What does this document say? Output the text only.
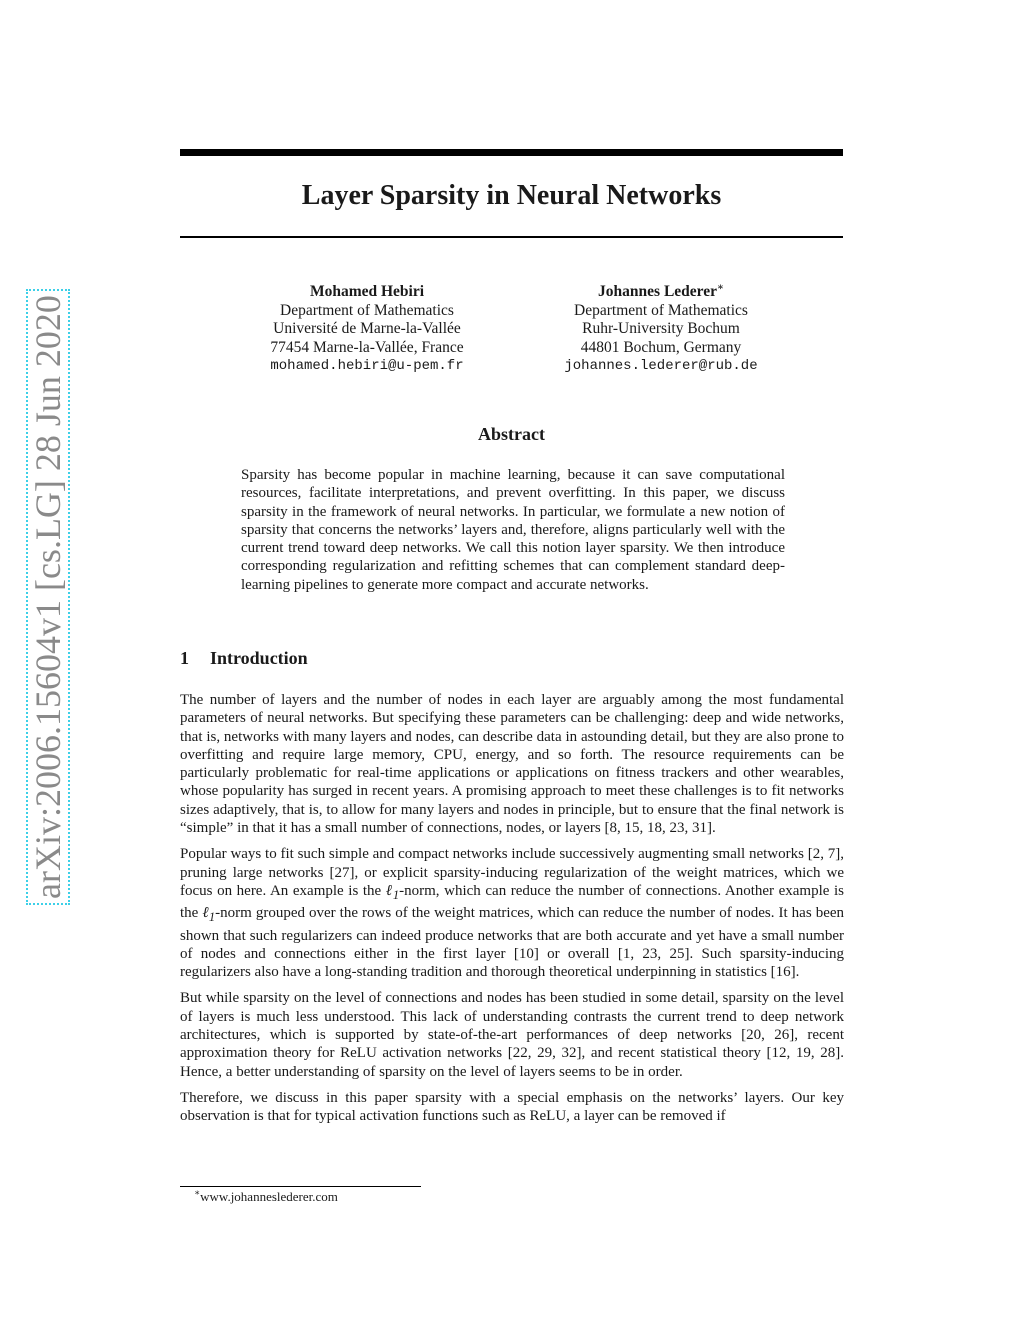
arXiv:2006.15604v1 [cs.LG] 28 Jun 2020
Layer Sparsity in Neural Networks
Mohamed Hebiri
Department of Mathematics
Université de Marne-la-Vallée
77454 Marne-la-Vallée, France
mohamed.hebiri@u-pem.fr
Johannes Lederer∗
Department of Mathematics
Ruhr-University Bochum
44801 Bochum, Germany
johannes.lederer@rub.de
Abstract

Sparsity has become popular in machine learning, because it can save computational resources, facilitate interpretations, and prevent overfitting. In this paper, we discuss sparsity in the framework of neural networks. In particular, we formulate a new notion of sparsity that concerns the networks’ layers and, therefore, aligns particularly well with the current trend toward deep networks. We call this notion layer sparsity. We then introduce corresponding regularization and refitting schemes that can complement standard deep-learning pipelines to generate more compact and accurate networks.

1 Introduction

The number of layers and the number of nodes in each layer are arguably among the most fundamental parameters of neural networks. But specifying these parameters can be challenging: deep and wide networks, that is, networks with many layers and nodes, can describe data in astounding detail, but they are also prone to overfitting and require large memory, CPU, energy, and so forth. The resource requirements can be particularly problematic for real-time applications or applications on fitness trackers and other wearables, whose popularity has surged in recent years. A promising approach to meet these challenges is to fit networks sizes adaptively, that is, to allow for many layers and nodes in principle, but to ensure that the final network is “simple” in that it has a small number of connections, nodes, or layers [8, 15, 18, 23, 31].

Popular ways to fit such simple and compact networks include successively augmenting small networks [2, 7], pruning large networks [27], or explicit sparsity-inducing regularization of the weight matrices, which we focus on here. An example is the ℓ$_1$-norm, which can reduce the number of connections. Another example is the ℓ$_1$-norm grouped over the rows of the weight matrices, which can reduce the number of nodes. It has been shown that such regularizers can indeed produce networks that are both accurate and yet have a small number of nodes and connections either in the first layer [10] or overall [1, 23, 25]. Such sparsity-inducing regularizers also have a long-standing tradition and thorough theoretical underpinning in statistics [16].

But while sparsity on the level of connections and nodes has been studied in some detail, sparsity on the level of layers is much less understood. This lack of understanding contrasts the current trend to deep network architectures, which is supported by state-of-the-art performances of deep networks [20, 26], recent approximation theory for ReLU activation networks [22, 29, 32], and recent statistical theory [12, 19, 28]. Hence, a better understanding of sparsity on the level of layers seems to be in order.

Therefore, we discuss in this paper sparsity with a special emphasis on the networks’ layers. Our key observation is that for typical activation functions such as ReLU, a layer can be removed if

∗www.johanneslederer.com
